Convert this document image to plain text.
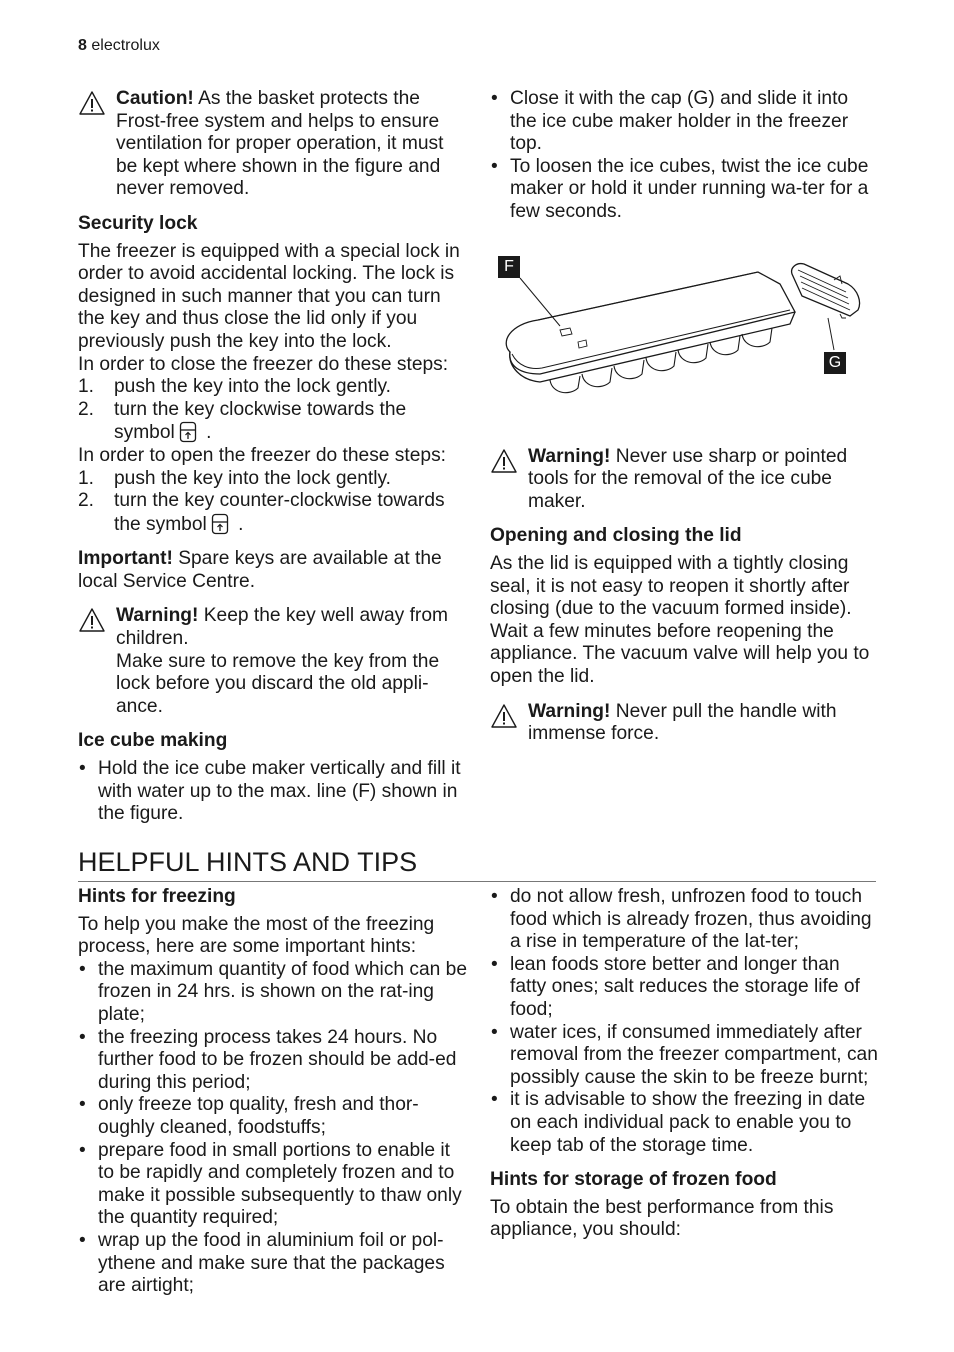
8 electrolux

Caution! As the basket protects the Frost-free system and helps to ensure ventilation for proper operation, it must be kept where shown in the figure and never removed.

Security lock

The freezer is equipped with a special lock in order to avoid accidental locking. The lock is designed in such manner that you can turn the key and thus close the lid only if you previously push the key into the lock.

In order to close the freezer do these steps:

1. push the key into the lock gently.
2. turn the key clockwise towards the symbol .

In order to open the freezer do these steps:

1. push the key into the lock gently.
2. turn the key counter-clockwise towards the symbol .

Important! Spare keys are available at the local Service Centre.

Warning! Keep the key well away from children.

Make sure to remove the key from the lock before you discard the old appli-ance.

Ice cube making
• Hold the ice cube maker vertically and fill it with water up to the max. line (F) shown in the figure.
• Close it with the cap (G) and slide it into the ice cube maker holder in the freezer top.
• To loosen the ice cubes, twist the ice cube maker or hold it under running wa-ter for a few seconds.
F
G

Warning! Never use sharp or pointed tools for the removal of the ice cube maker.

Opening and closing the lid

As the lid is equipped with a tightly closing seal, it is not easy to reopen it shortly after closing (due to the vacuum formed inside). Wait a few minutes before reopening the appliance. The vacuum valve will help you to open the lid.

Warning! Never pull the handle with immense force.

HELPFUL HINTS AND TIPS
Hints for freezing

To help you make the most of the freezing process, here are some important hints:

• the maximum quantity of food which can be frozen in 24 hrs. is shown on the rat-ing plate;
• the freezing process takes 24 hours. No further food to be frozen should be add-ed during this period;
• only freeze top quality, fresh and thor-oughly cleaned, foodstuffs;
• prepare food in small portions to enable it to be rapidly and completely frozen and to make it possible subsequently to thaw only the quantity required;
• wrap up the food in aluminium foil or pol-ythene and make sure that the packages are airtight;
• do not allow fresh, unfrozen food to touch food which is already frozen, thus avoiding a rise in temperature of the lat-ter;
• lean foods store better and longer than fatty ones; salt reduces the storage life of food;
• water ices, if consumed immediately after removal from the freezer compartment, can possibly cause the skin to be freeze burnt;
• it is advisable to show the freezing in date on each individual pack to enable you to keep tab of the storage time.
Hints for storage of frozen food

To obtain the best performance from this appliance, you should:
